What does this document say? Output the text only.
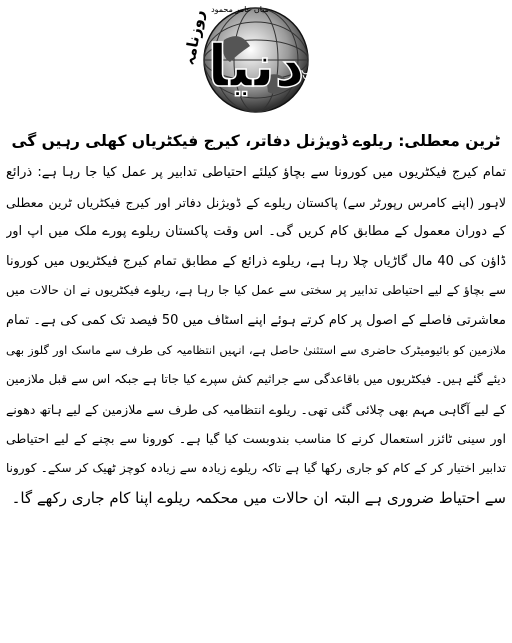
دنیا
روزنامہ
لاہور
میاں عامر محمود
ٹرین معطلی: ریلوے ڈویژنل دفاتر، کیرج فیکٹریاں کھلی رہیں گی
تمام کیرج فیکٹریوں میں کورونا سے بچاؤ کیلئے احتیاطی تدابیر پر عمل کیا جا رہا ہے: ذرائع
لاہور (اپنے کامرس رپورٹر سے) پاکستان ریلوے کے ڈویژنل دفاتر اور کیرج فیکٹریاں ٹرین معطلی
کے دوران معمول کے مطابق کام کریں گی۔ اس وقت پاکستان ریلوے پورے ملک میں اپ اور
ڈاؤن کی 40 مال گاڑیاں چلا رہا ہے، ریلوے ذرائع کے مطابق تمام کیرج فیکٹریوں میں کورونا
سے بچاؤ کے لیے احتیاطی تدابیر پر سختی سے عمل کیا جا رہا ہے، ریلوے فیکٹریوں نے ان حالات میں
معاشرتی فاصلے کے اصول پر کام کرتے ہوئے اپنے اسٹاف میں 50 فیصد تک کمی کی ہے۔ تمام
ملازمین کو بائیومیٹرک حاضری سے استثنیٰ حاصل ہے، انہیں انتظامیہ کی طرف سے ماسک اور گلوز بھی
دیئے گئے ہیں۔ فیکٹریوں میں باقاعدگی سے جراثیم کش سپرے کیا جاتا ہے جبکہ اس سے قبل ملازمین
کے لیے آگاہی مہم بھی چلائی گئی تھی۔ ریلوے انتظامیہ کی طرف سے ملازمین کے لیے ہاتھ دھونے
اور سینی ٹائزر استعمال کرنے کا مناسب بندوبست کیا گیا ہے۔ کورونا سے بچنے کے لیے احتیاطی
تدابیر اختیار کر کے کام کو جاری رکھا گیا ہے تاکہ ریلوے زیادہ سے زیادہ کوچز ٹھیک کر سکے۔ کورونا
سے احتیاط ضروری ہے البتہ ان حالات میں محکمہ ریلوے اپنا کام جاری رکھے گا۔
